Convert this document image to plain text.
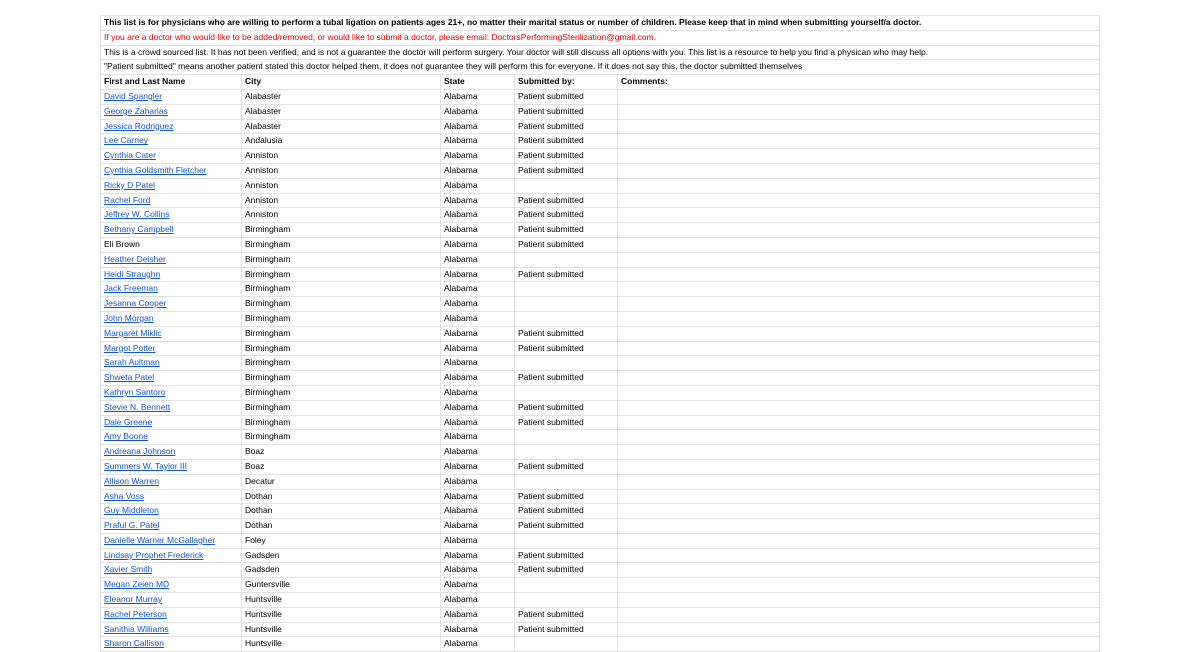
This list is for physicians who are willing to perform a tubal ligation on patients ages 21+, no matter their marital status or number of children. Please keep that in mind when submitting yourself/a doctor.
If you are a doctor who would like to be added/removed, or would like to submit a doctor, please email: DoctorsPerformingSterilization@gmail.com.
This is a crowd sourced list. It has not been verified, and is not a guarantee the doctor will perform surgery. Your doctor will still discuss all options with you. This list is a resource to help you find a physican who may help.
"Patient submitted" means another patient stated this doctor helped them, it does not guarantee they will perform this for everyone. If it does not say this, the doctor submitted themselves
First and Last Name	City	State	Submitted by:	Comments:
David Spangler	Alabaster	Alabama	Patient submitted
George Zaharias	Alabaster	Alabama	Patient submitted
Jessica Rodriguez	Alabaster	Alabama	Patient submitted
Lee Carney	Andalusia	Alabama	Patient submitted
Cynthia Cater	Anniston	Alabama	Patient submitted
Cynthia Goldsmith Fletcher	Anniston	Alabama	Patient submitted
Ricky D Patel	Anniston	Alabama
Rachel Ford	Anniston	Alabama	Patient submitted
Jeffrey W. Collins	Anniston	Alabama	Patient submitted
Bethany Campbell	Birmingham	Alabama	Patient submitted
Eli Brown	Birmingham	Alabama	Patient submitted
Heather Deisher	Birmingham	Alabama
Heidi Straughn	Birmingham	Alabama	Patient submitted
Jack Freeman	Birmingham	Alabama
Jesanna Cooper	Birmingham	Alabama
John Morgan	Birmingham	Alabama
Margaret Miklic	Birmingham	Alabama	Patient submitted
Margot Potter	Birmingham	Alabama	Patient submitted
Sarah Aultman	Birmingham	Alabama
Shweta Patel	Birmingham	Alabama	Patient submitted
Kathryn Santoro	Birmingham	Alabama
Stevie N. Bennett	Birmingham	Alabama	Patient submitted
Dale Greene	Birmingham	Alabama	Patient submitted
Amy Boone	Birmingham	Alabama
Andreana Johnson	Boaz	Alabama
Summers W. Taylor III	Boaz	Alabama	Patient submitted
Allison Warren	Decatur	Alabama
Asha Voss	Dothan	Alabama	Patient submitted
Guy Middleton	Dothan	Alabama	Patient submitted
Praful G. Patel	Dothan	Alabama	Patient submitted
Danielle Warner McGallagher	Foley	Alabama
Lindsay Prophet Frederick	Gadsden	Alabama	Patient submitted
Xavier Smith	Gadsden	Alabama	Patient submitted
Megan Zeien MD	Guntersville	Alabama
Eleanor Murray	Huntsville	Alabama
Rachel Peterson	Huntsville	Alabama	Patient submitted
Sanithia Williams	Huntsville	Alabama	Patient submitted
Sharon Callison	Huntsville	Alabama
